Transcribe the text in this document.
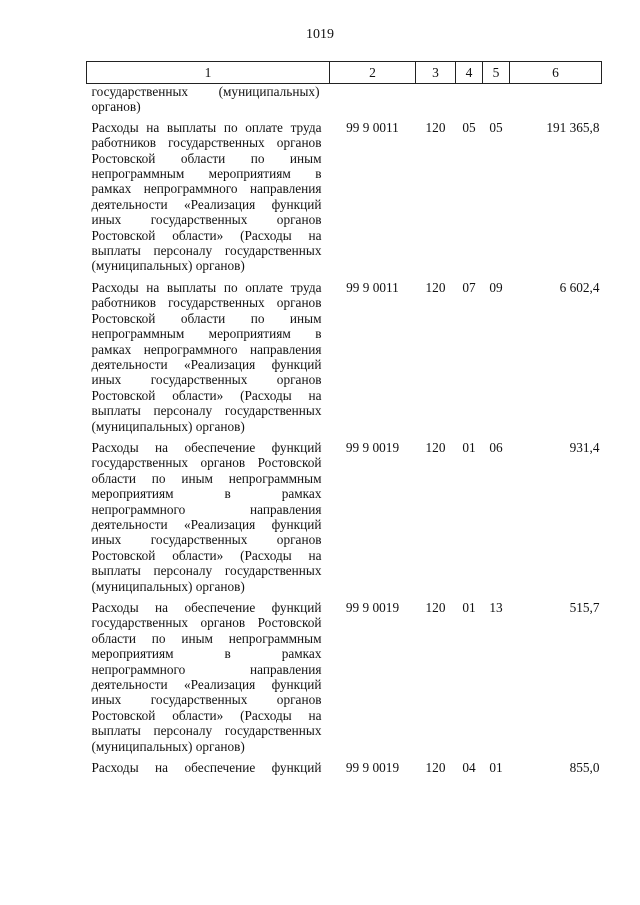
1019
1	2	3	4	5	6
государственных (муниципальных) органов)					
Расходы на выплаты по оплате труда работников государственных органов Ростовской области по иным непрограммным мероприятиям в рамках непрограммного направления деятельности «Реализация функций иных государственных органов Ростовской области» (Расходы на выплаты персоналу государственных (муниципальных) органов)	99 9 0011	120	05	05	191 365,8
Расходы на выплаты по оплате труда работников государственных органов Ростовской области по иным непрограммным мероприятиям в рамках непрограммного направления деятельности «Реализация функций иных государственных органов Ростовской области» (Расходы на выплаты персоналу государственных (муниципальных) органов)	99 9 0011	120	07	09	6 602,4
Расходы на обеспечение функций государственных органов Ростовской области по иным непрограммным мероприятиям в рамках непрограммного направления деятельности «Реализация функций иных государственных органов Ростовской области» (Расходы на выплаты персоналу государственных (муниципальных) органов)	99 9 0019	120	01	06	931,4
Расходы на обеспечение функций государственных органов Ростовской области по иным непрограммным мероприятиям в рамках непрограммного направления деятельности «Реализация функций иных государственных органов Ростовской области» (Расходы на выплаты персоналу государственных (муниципальных) органов)	99 9 0019	120	01	13	515,7
Расходы на обеспечение функций	99 9 0019	120	04	01	855,0
